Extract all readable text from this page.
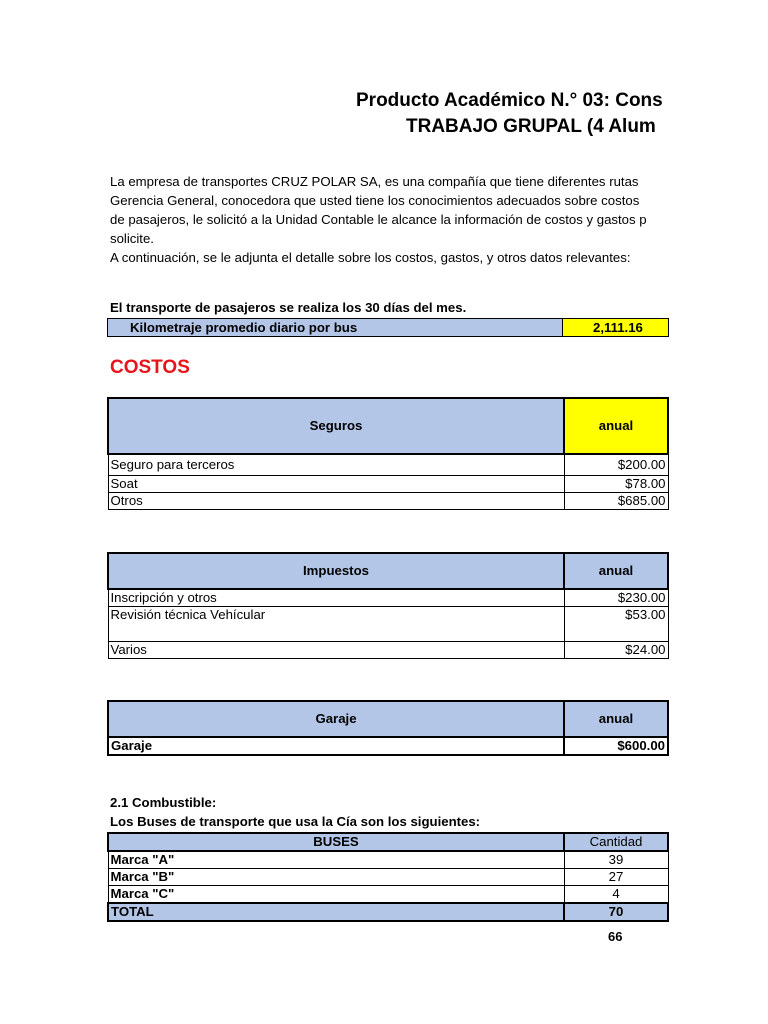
Producto Académico N.° 03: Cons
TRABAJO GRUPAL (4 Alum
La empresa de transportes CRUZ POLAR SA, es una compañía que tiene diferentes rutas
Gerencia General, conocedora que usted tiene los conocimientos adecuados sobre costos
de pasajeros, le solicitó a la Unidad Contable le alcance la información de costos y gastos p
solicite.
A continuación, se le adjunta el detalle sobre los costos, gastos, y otros datos relevantes:
El transporte de pasajeros se realiza los 30 días del mes.
Kilometraje promedio diario por bus	2,111.16
COSTOS
Seguros	anual
Seguro para terceros	$200.00
Soat	$78.00
Otros	$685.00
Impuestos	anual
Inscripción y otros	$230.00
Revisión técnica Vehícular	$53.00
Varios	$24.00
Garaje	anual
Garaje	$600.00
2.1 Combustible:
Los Buses de transporte que usa la Cía son los siguientes:
BUSES	Cantidad
Marca "A"	39
Marca "B"	27
Marca "C"	4
TOTAL	70
66
